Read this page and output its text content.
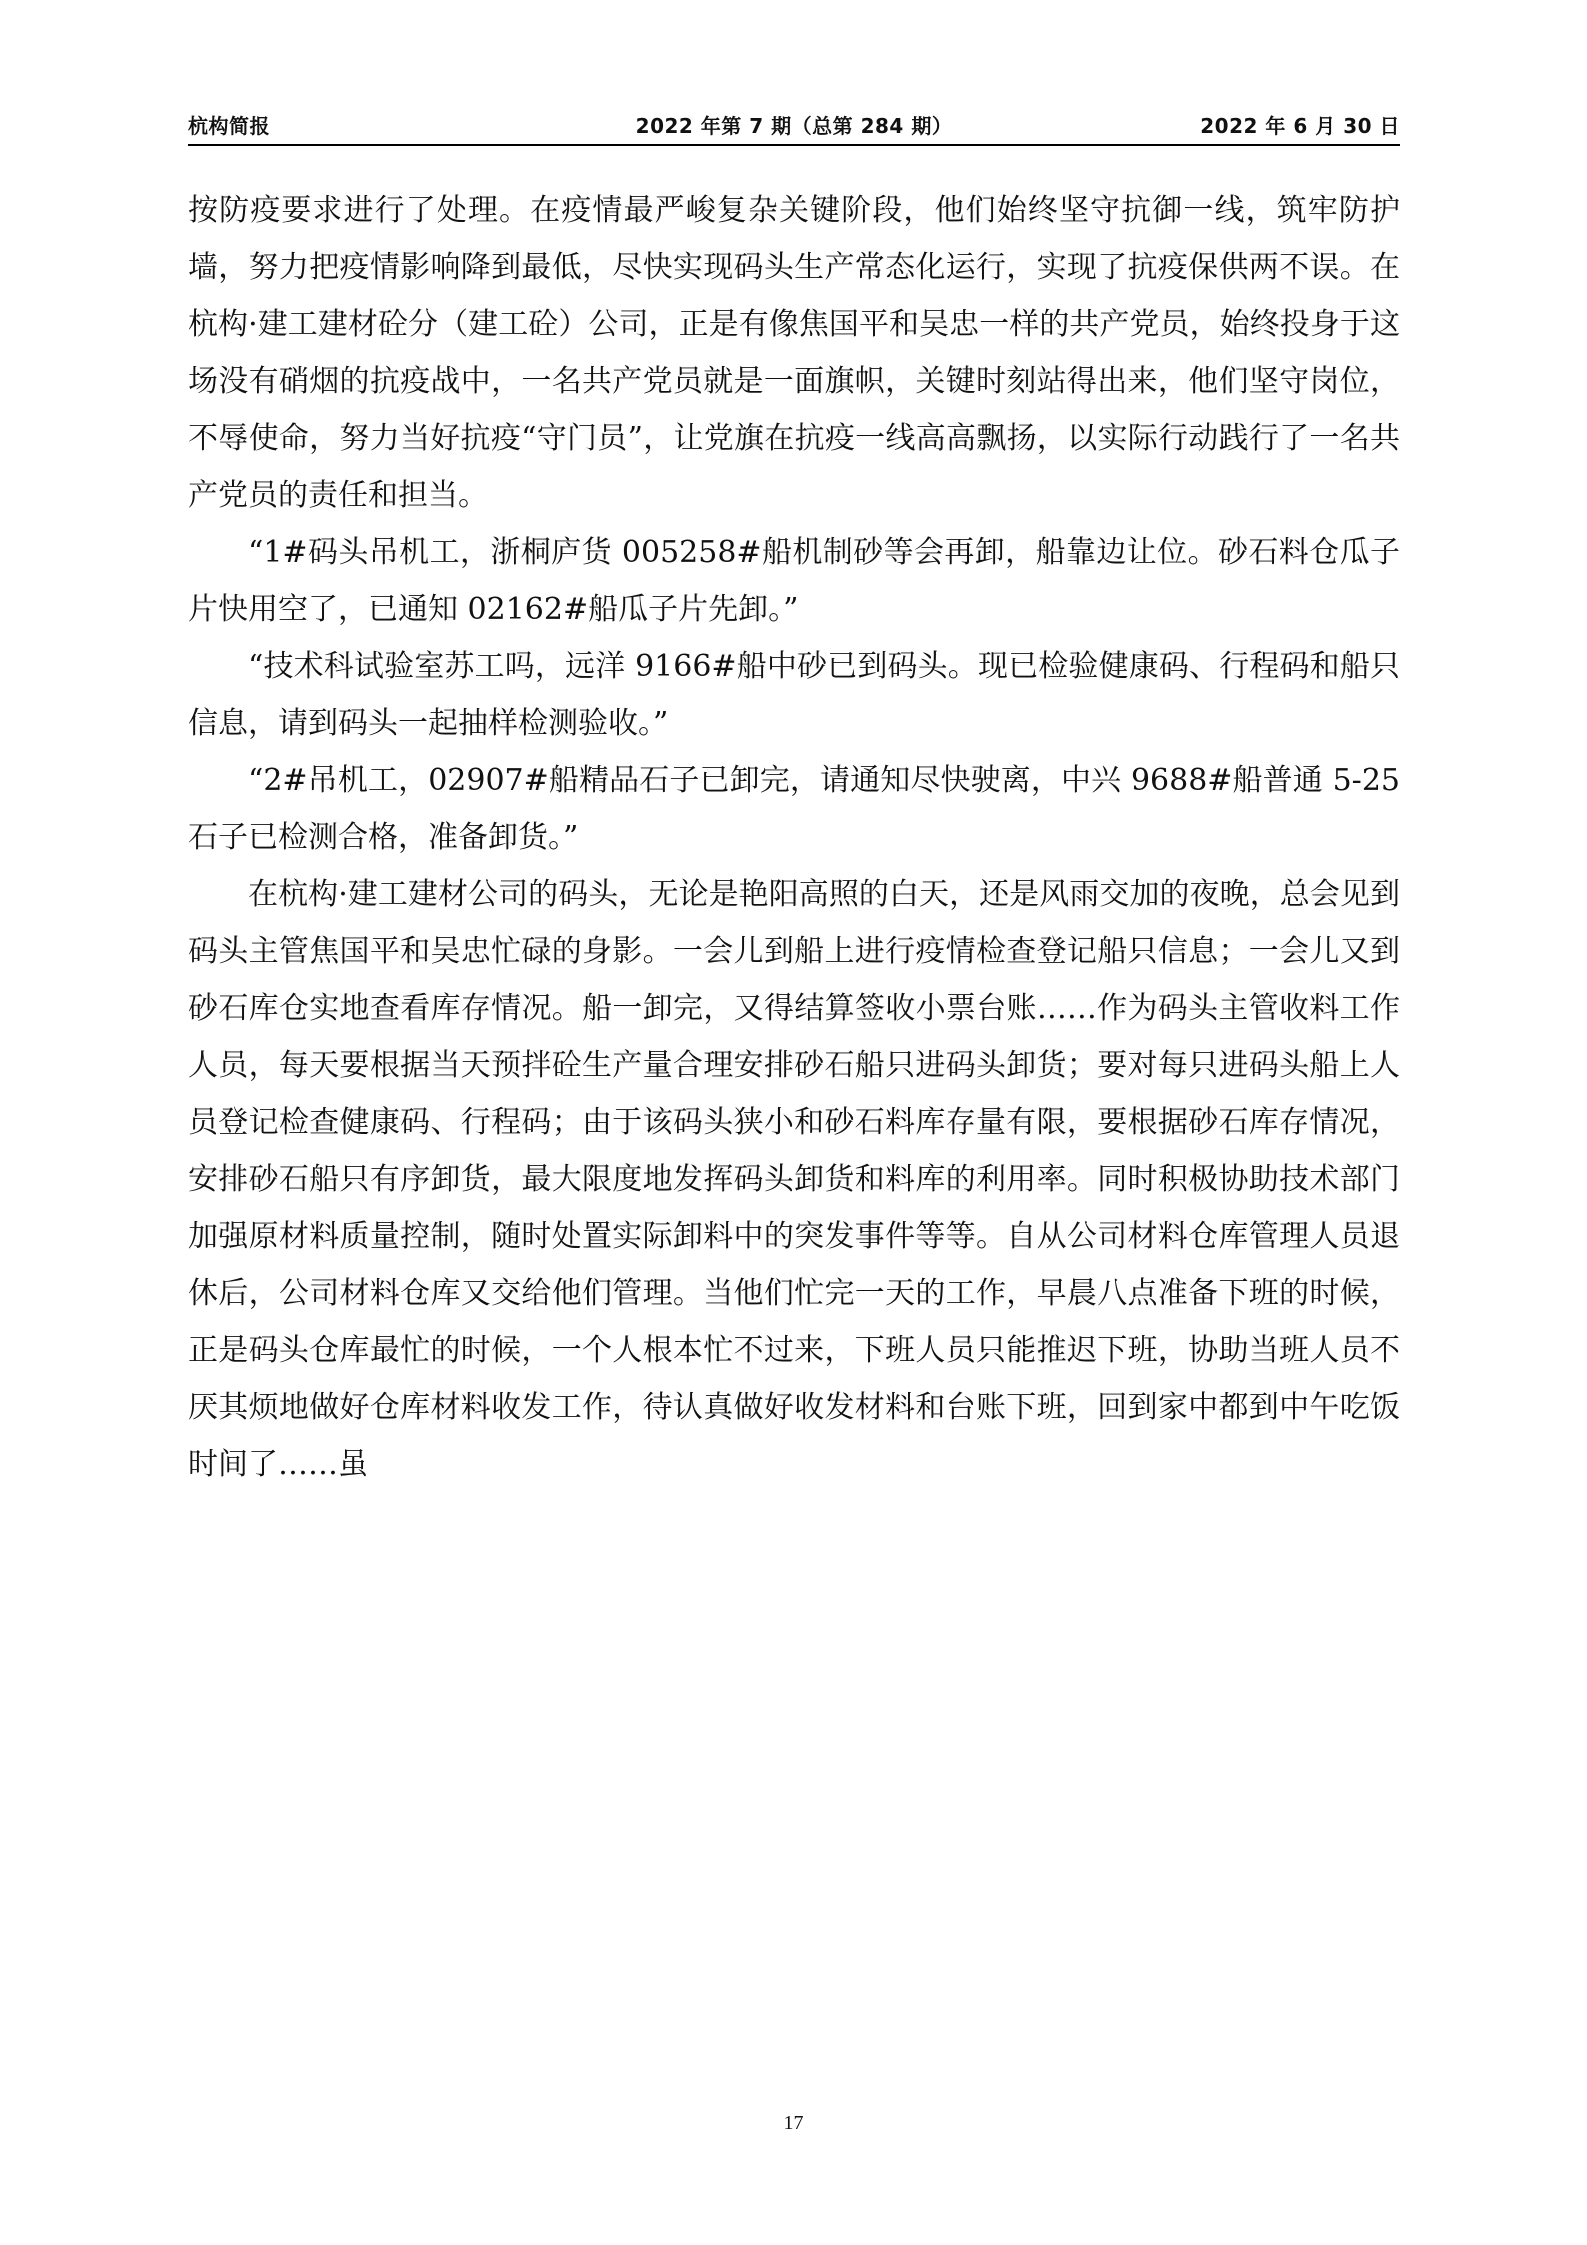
杭构简报	2022 年第 7 期（总第 284 期）	2022 年 6 月 30 日

按防疫要求进行了处理。在疫情最严峻复杂关键阶段，他们始终坚守抗御一线，筑牢防护墙，努力把疫情影响降到最低，尽快实现码头生产常态化运行，实现了抗疫保供两不误。在杭构·建工建材砼分（建工砼）公司，正是有像焦国平和吴忠一样的共产党员，始终投身于这场没有硝烟的抗疫战中，一名共产党员就是一面旗帜，关键时刻站得出来，他们坚守岗位，不辱使命，努力当好抗疫“守门员”，让党旗在抗疫一线高高飘扬，以实际行动践行了一名共产党员的责任和担当。

“1#码头吊机工，浙桐庐货 005258#船机制砂等会再卸，船靠边让位。砂石料仓瓜子片快用空了，已通知 02162#船瓜子片先卸。”

“技术科试验室苏工吗，远洋 9166#船中砂已到码头。现已检验健康码、行程码和船只信息，请到码头一起抽样检测验收。”

“2#吊机工，02907#船精品石子已卸完，请通知尽快驶离，中兴 9688#船普通 5-25石子已检测合格，准备卸货。”

在杭构·建工建材公司的码头，无论是艳阳高照的白天，还是风雨交加的夜晚，总会见到码头主管焦国平和吴忠忙碌的身影。一会儿到船上进行疫情检查登记船只信息；一会儿又到砂石库仓实地查看库存情况。船一卸完，又得结算签收小票台账……作为码头主管收料工作人员，每天要根据当天预拌砼生产量合理安排砂石船只进码头卸货；要对每只进码头船上人员登记检查健康码、行程码；由于该码头狭小和砂石料库存量有限，要根据砂石库存情况，安排砂石船只有序卸货，最大限度地发挥码头卸货和料库的利用率。同时积极协助技术部门加强原材料质量控制，随时处置实际卸料中的突发事件等等。自从公司材料仓库管理人员退休后，公司材料仓库又交给他们管理。当他们忙完一天的工作，早晨八点准备下班的时候，正是码头仓库最忙的时候，一个人根本忙不过来，下班人员只能推迟下班，协助当班人员不厌其烦地做好仓库材料收发工作，待认真做好收发材料和台账下班，回到家中都到中午吃饭时间了……虽

17
